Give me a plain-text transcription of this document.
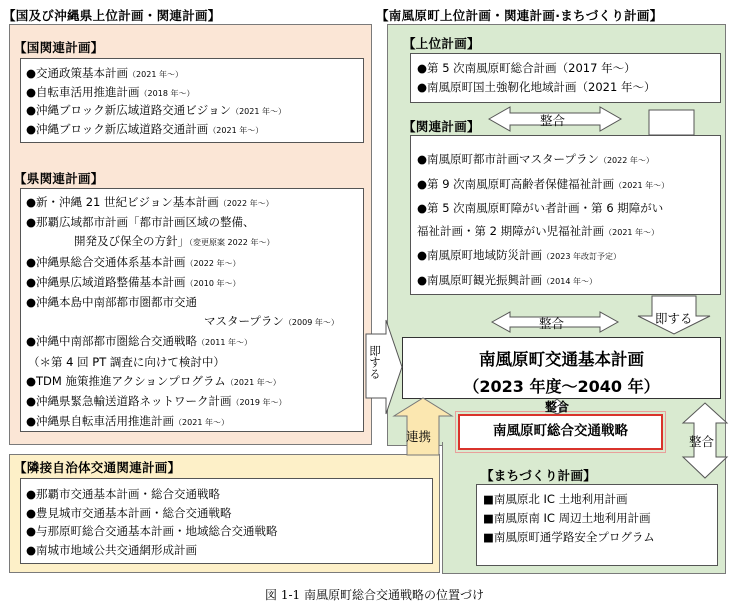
【国及び沖縄県上位計画・関連計画】	【南風原町上位計画・関連計画·まちづくり計画】
【国関連計画】
●交通政策基本計画（2021 年～）
●自転車活用推進計画（2018 年～）
●沖縄ブロック新広域道路交通ビジョン（2021 年～）
●沖縄ブロック新広域道路交通計画（2021 年～）
【県関連計画】
●新・沖縄 21 世紀ビジョン基本計画（2022 年～）
●那覇広域都市計画「都市計画区域の整備、
開発及び保全の方針」（変更原案 2022 年～）
●沖縄県総合交通体系基本計画（2022 年～）
●沖縄県広域道路整備基本計画（2010 年～）
●沖縄本島中南部都市圏都市交通
マスタープラン（2009 年～）
●沖縄中南部都市圏総合交通戦略（2011 年～）
（＊第 4 回 PT 調査に向けて検討中）
●TDM 施策推進アクションプログラム（2021 年～）
●沖縄県緊急輸送道路ネットワーク計画（2019 年～）
●沖縄県自転車活用推進計画（2021 年～）
【隣接自治体交通関連計画】
●那覇市交通基本計画・総合交通戦略
●豊見城市交通基本計画・総合交通戦略
●与那原町総合交通基本計画・地域総合交通戦略
●南城市地域公共交通網形成計画
【上位計画】
●第 5 次南風原町総合計画（2017 年～）
●南風原町国土強靭化地域計画（2021 年～）
【関連計画】
●南風原町都市計画マスタープラン（2022 年～）
●第 9 次南風原町高齢者保健福祉計画（2021 年～）
●第 5 次南風原町障がい者計画・第 6 期障がい
福祉計画・第 2 期障がい児福祉計画（2021 年～）
●南風原町地域防災計画（2023 年改訂予定）
●南風原町観光振興計画（2014 年～）
南風原町交通基本計画
（2023 年度～2040 年）
南風原町総合交通戦略
【まちづくり計画】
■南風原北 IC 土地利用計画
■南風原南 IC 周辺土地利用計画
■南風原町通学路安全プログラム
整合
整合
整合
整合
即する
即する
連携
図 1-1 南風原町総合交通戦略の位置づけ
